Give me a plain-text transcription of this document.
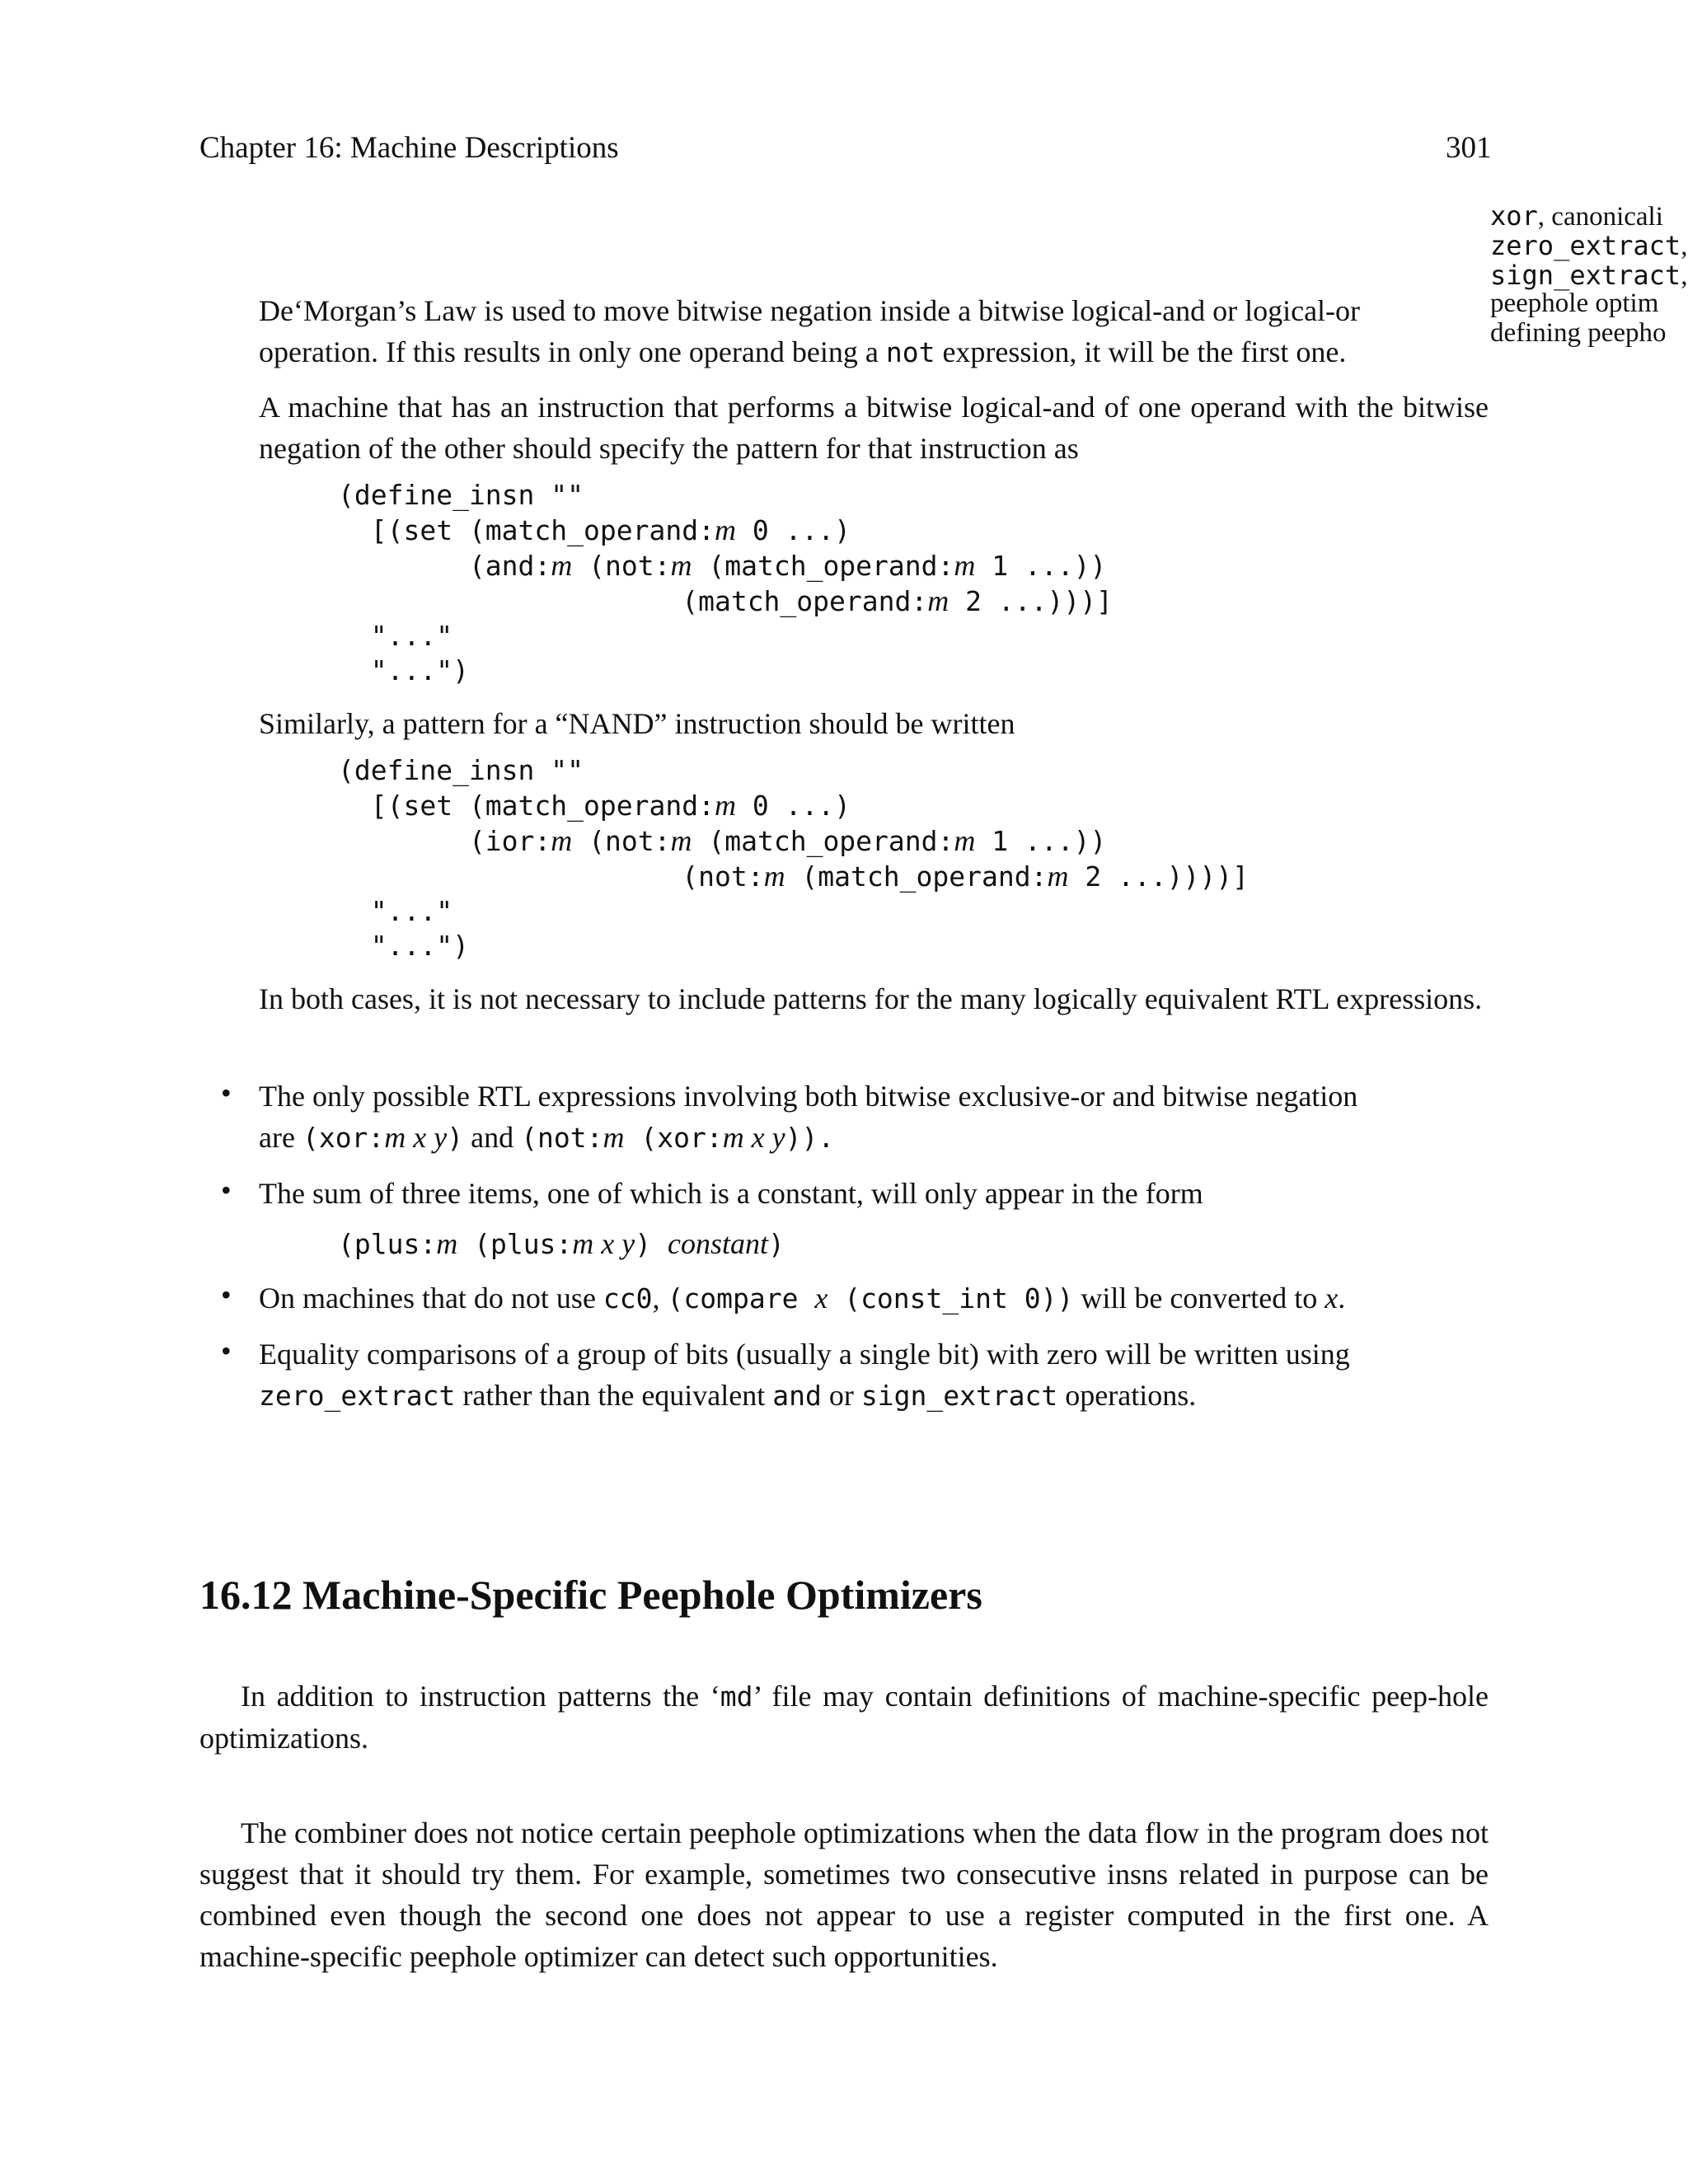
Chapter 16: Machine Descriptions	301
xor, canonicali
zero_extract,
sign_extract,
peephole optim
defining peepho
De‘Morgan’s Law is used to move bitwise negation inside a bitwise logical-and or logical-or
operation. If this results in only one operand being a not expression, it will be the first one.
A machine that has an instruction that performs a bitwise logical-and of one operand with the bitwise negation of the other should specify the pattern for that instruction as
(define_insn ""
[(set (match_operand:m 0 ...)
(and:m (not:m (match_operand:m 1 ...))
(match_operand:m 2 ...)))]
"..."
"...")
Similarly, a pattern for a “NAND” instruction should be written
(define_insn ""
[(set (match_operand:m 0 ...)
(ior:m (not:m (match_operand:m 1 ...))
(not:m (match_operand:m 2 ...))))]
"..."
"...")
In both cases, it is not necessary to include patterns for the many logically equivalent RTL expressions.
• The only possible RTL expressions involving both bitwise exclusive-or and bitwise negation
are (xor:m x y) and (not:m (xor:m x y)).
• The sum of three items, one of which is a constant, will only appear in the form
(plus:m (plus:m x y) constant)
• On machines that do not use cc0, (compare x (const_int 0)) will be converted to x.
• Equality comparisons of a group of bits (usually a single bit) with zero will be written using
zero_extract rather than the equivalent and or sign_extract operations.
16.12 Machine-Specific Peephole Optimizers
In addition to instruction patterns the ‘md’ file may contain definitions of machine-specific peep-hole optimizations.
The combiner does not notice certain peephole optimizations when the data flow in the program does not suggest that it should try them. For example, sometimes two consecutive insns related in purpose can be combined even though the second one does not appear to use a register computed in the first one. A machine-specific peephole optimizer can detect such opportunities.
